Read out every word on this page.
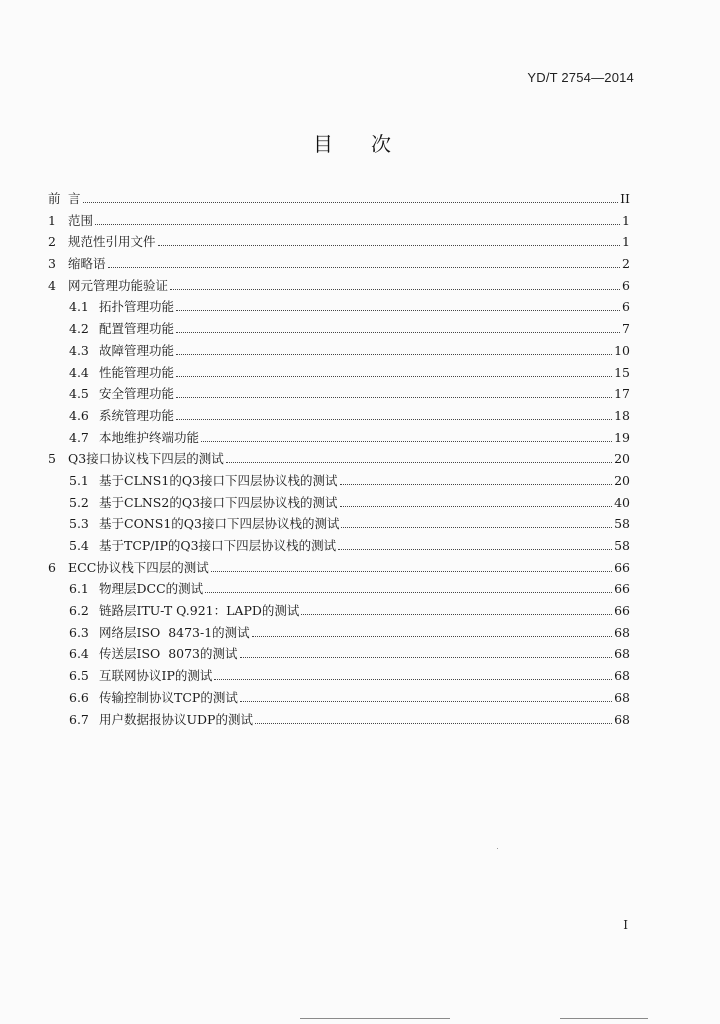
YD/T 2754—2014
目次
前 言	II
1 范围	1
2 规范性引用文件	1
3 缩略语	2
4 网元管理功能验证	6
4.1 拓扑管理功能	6
4.2 配置管理功能	7
4.3 故障管理功能	10
4.4 性能管理功能	15
4.5 安全管理功能	17
4.6 系统管理功能	18
4.7 本地维护终端功能	19
5 Q3接口协议栈下四层的测试	20
5.1 基于CLNS1的Q3接口下四层协议栈的测试	20
5.2 基于CLNS2的Q3接口下四层协议栈的测试	40
5.3 基于CONS1的Q3接口下四层协议栈的测试	58
5.4 基于TCP/IP的Q3接口下四层协议栈的测试	58
6 ECC协议栈下四层的测试	66
6.1 物理层DCC的测试	66
6.2 链路层ITU-T Q.921：LAPD的测试	66
6.3 网络层ISO  8473-1的测试	68
6.4 传送层ISO  8073的测试	68
6.5 互联网协议IP的测试	68
6.6 传输控制协议TCP的测试	68
6.7 用户数据报协议UDP的测试	68
I
